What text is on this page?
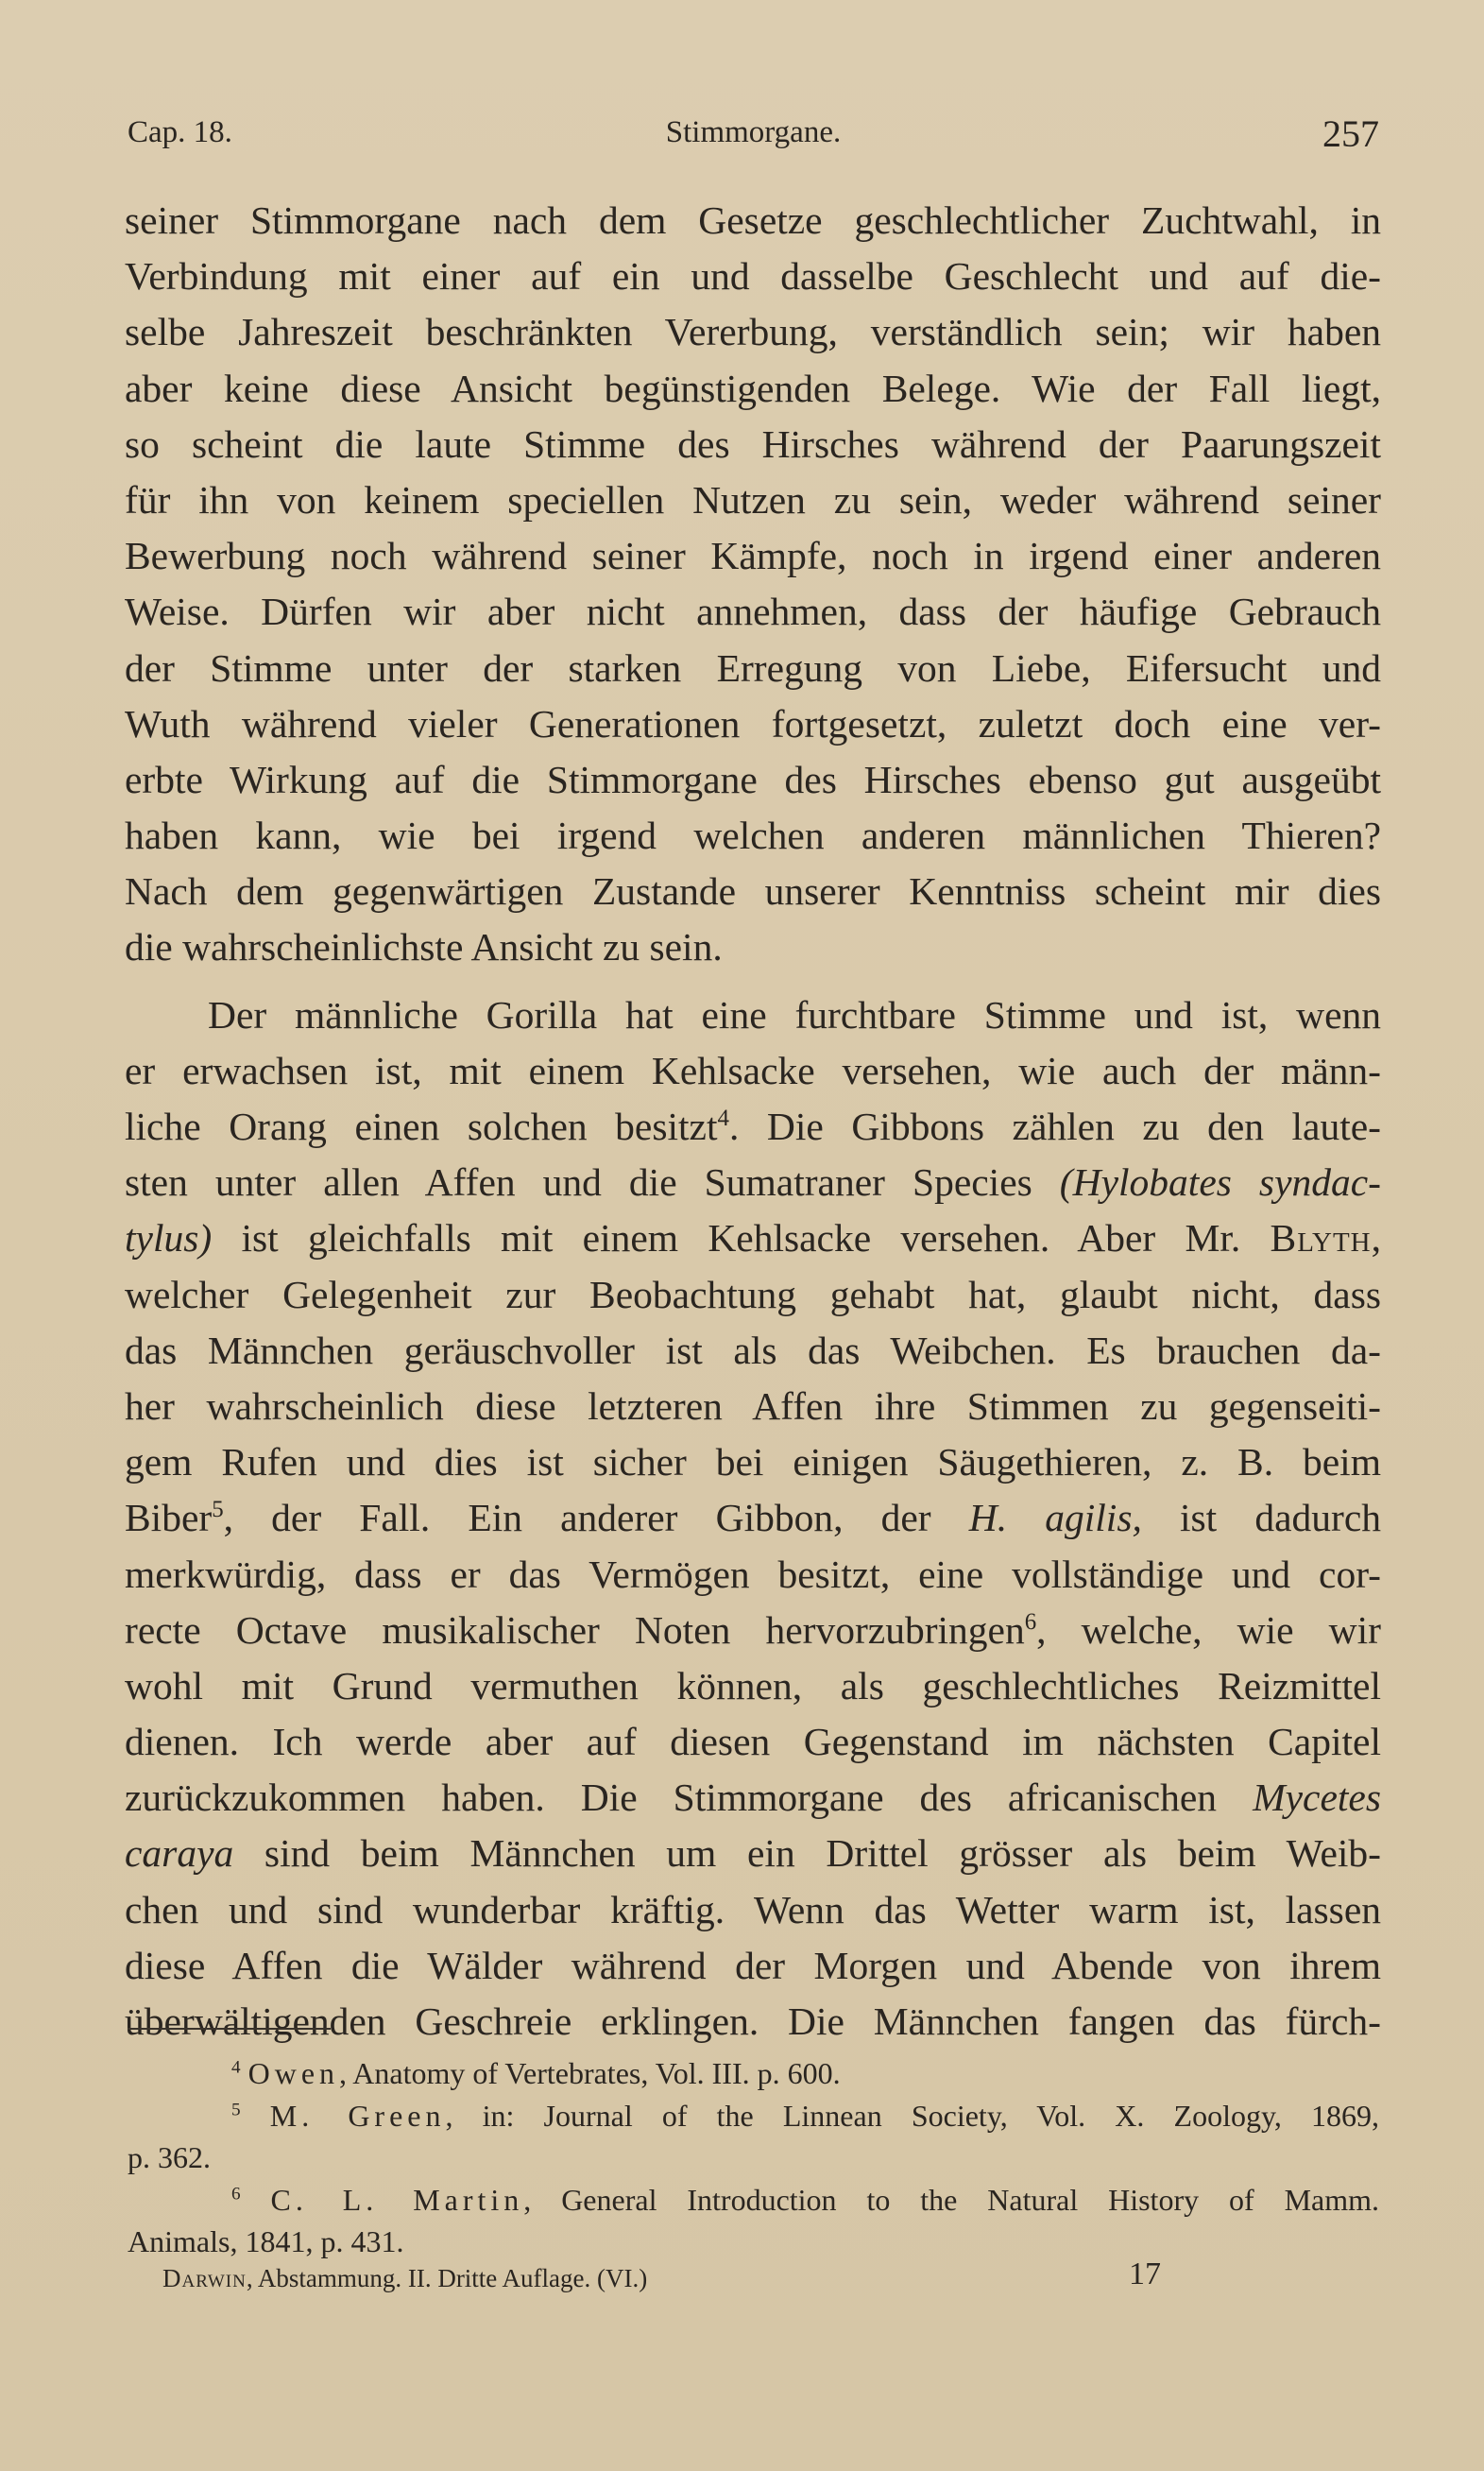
Cap. 18.	Stimmorgane.	257
seiner Stimmorgane nach dem Gesetze geschlechtlicher Zuchtwahl, in
Verbindung mit einer auf ein und dasselbe Geschlecht und auf die-
selbe Jahreszeit beschränkten Vererbung, verständlich sein; wir haben
aber keine diese Ansicht begünstigenden Belege. Wie der Fall liegt,
so scheint die laute Stimme des Hirsches während der Paarungszeit
für ihn von keinem speciellen Nutzen zu sein, weder während seiner
Bewerbung noch während seiner Kämpfe, noch in irgend einer anderen
Weise. Dürfen wir aber nicht annehmen, dass der häufige Gebrauch
der Stimme unter der starken Erregung von Liebe, Eifersucht und
Wuth während vieler Generationen fortgesetzt, zuletzt doch eine ver-
erbte Wirkung auf die Stimmorgane des Hirsches ebenso gut ausgeübt
haben kann, wie bei irgend welchen anderen männlichen Thieren?
Nach dem gegenwärtigen Zustande unserer Kenntniss scheint mir dies
die wahrscheinlichste Ansicht zu sein.
Der männliche Gorilla hat eine furchtbare Stimme und ist, wenn
er erwachsen ist, mit einem Kehlsacke versehen, wie auch der männ-
liche Orang einen solchen besitzt$^4$. Die Gibbons zählen zu den laute-
sten unter allen Affen und die Sumatraner Species (Hylobates syndac-
tylus) ist gleichfalls mit einem Kehlsacke versehen. Aber Mr. Blyth,
welcher Gelegenheit zur Beobachtung gehabt hat, glaubt nicht, dass
das Männchen geräuschvoller ist als das Weibchen. Es brauchen da-
her wahrscheinlich diese letzteren Affen ihre Stimmen zu gegenseiti-
gem Rufen und dies ist sicher bei einigen Säugethieren, z. B. beim
Biber$^5$, der Fall. Ein anderer Gibbon, der H. agilis, ist dadurch
merkwürdig, dass er das Vermögen besitzt, eine vollständige und cor-
recte Octave musikalischer Noten hervorzubringen$^6$, welche, wie wir
wohl mit Grund vermuthen können, als geschlechtliches Reizmittel
dienen. Ich werde aber auf diesen Gegenstand im nächsten Capitel
zurückzukommen haben. Die Stimmorgane des africanischen Mycetes
caraya sind beim Männchen um ein Drittel grösser als beim Weib-
chen und sind wunderbar kräftig. Wenn das Wetter warm ist, lassen
diese Affen die Wälder während der Morgen und Abende von ihrem
überwältigenden Geschreie erklingen. Die Männchen fangen das fürch-
$^4$ Owen, Anatomy of Vertebrates, Vol. III. p. 600.
$^5$ M. Green, in: Journal of the Linnean Society, Vol. X. Zoology, 1869,
p. 362.
$^6$ C. L. Martin, General Introduction to the Natural History of Mamm.
Animals, 1841, p. 431.
Darwin, Abstammung. II. Dritte Auflage. (VI.)	17
